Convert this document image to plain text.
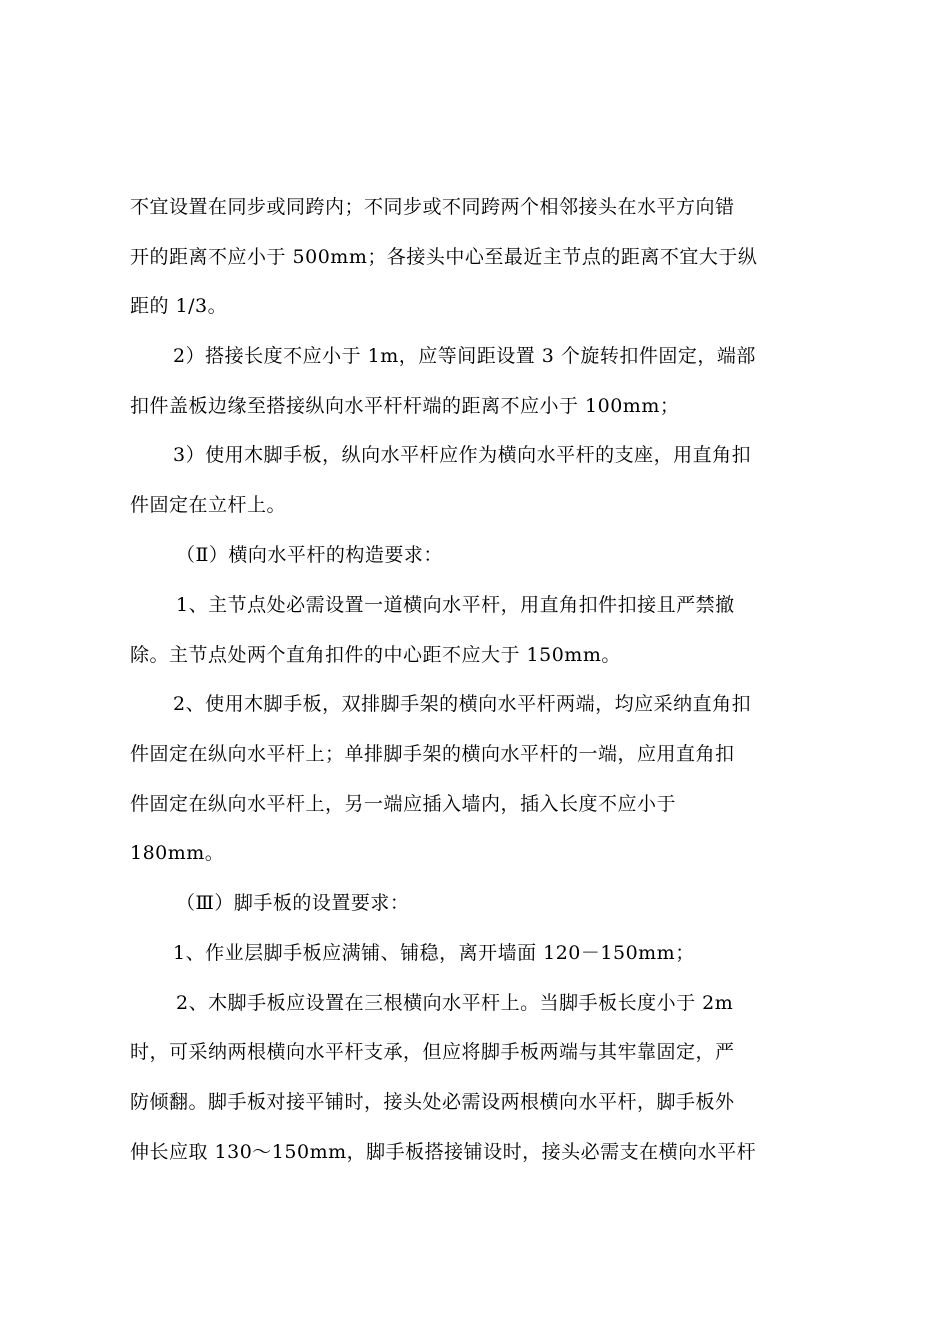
不宜设置在同步或同跨内；不同步或不同跨两个相邻接头在水平方向错
开的距离不应小于 500mm；各接头中心至最近主节点的距离不宜大于纵
距的 1/3。
2）搭接长度不应小于 1m，应等间距设置 3 个旋转扣件固定，端部
扣件盖板边缘至搭接纵向水平杆杆端的距离不应小于 100mm；
3）使用木脚手板，纵向水平杆应作为横向水平杆的支座，用直角扣
件固定在立杆上。
（Ⅱ）横向水平杆的构造要求：
1、主节点处必需设置一道横向水平杆，用直角扣件扣接且严禁撤
除。主节点处两个直角扣件的中心距不应大于 150mm。
2、使用木脚手板，双排脚手架的横向水平杆两端，均应采纳直角扣
件固定在纵向水平杆上；单排脚手架的横向水平杆的一端，应用直角扣
件固定在纵向水平杆上，另一端应插入墙内，插入长度不应小于
180mm。
（Ⅲ）脚手板的设置要求：
1、作业层脚手板应满铺、铺稳，离开墙面 120－150mm；
2、木脚手板应设置在三根横向水平杆上。当脚手板长度小于 2m
时，可采纳两根横向水平杆支承，但应将脚手板两端与其牢靠固定，严
防倾翻。脚手板对接平铺时，接头处必需设两根横向水平杆，脚手板外
伸长应取 130～150mm，脚手板搭接铺设时，接头必需支在横向水平杆
